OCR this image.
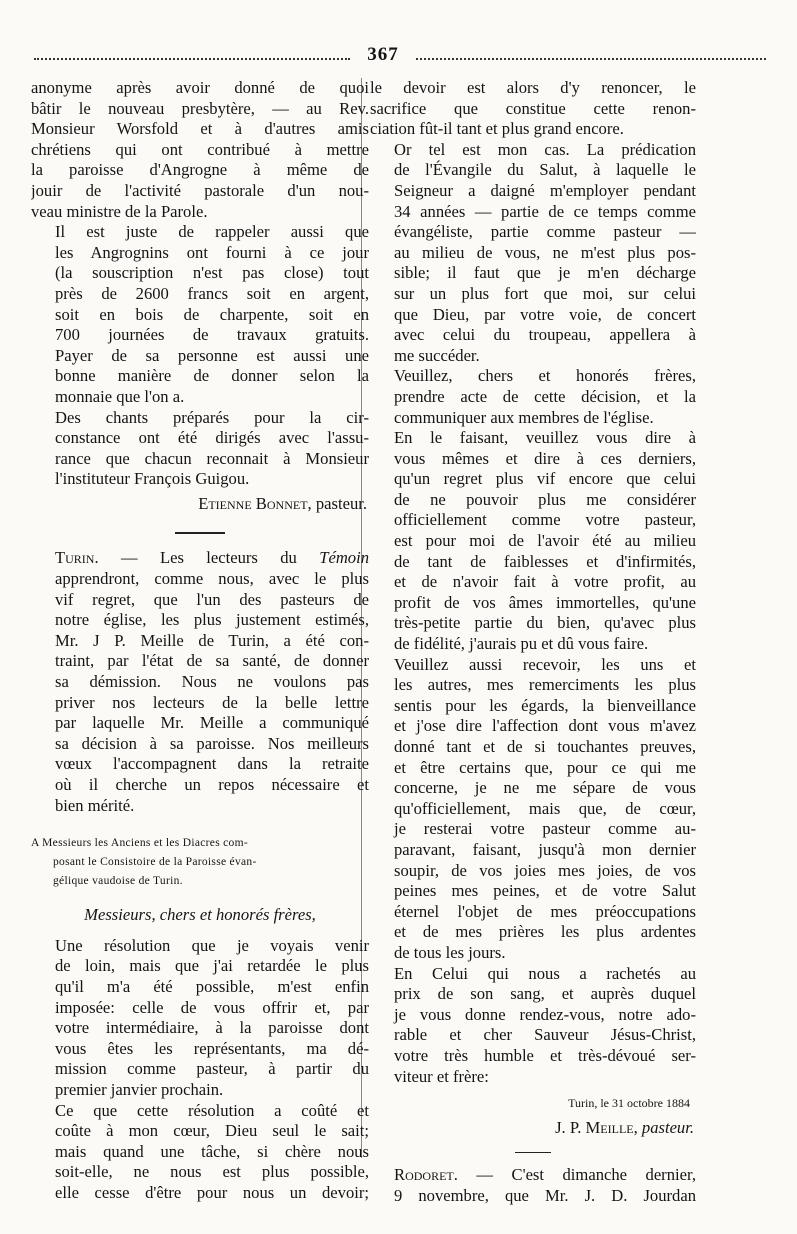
367

anonyme après avoir donné de quoi
bâtir le nouveau presbytère, — au Rev.
Monsieur Worsfold et à d'autres amis
chrétiens qui ont contribué à mettre
la paroisse d'Angrogne à même de
jouir de l'activité pastorale d'un nou-
veau ministre de la Parole.

Il est juste de rappeler aussi que
les Angrognins ont fourni à ce jour
(la souscription n'est pas close) tout
près de 2600 francs soit en argent,
soit en bois de charpente, soit en
700 journées de travaux gratuits.
Payer de sa personne est aussi une
bonne manière de donner selon la
monnaie que l'on a.

Des chants préparés pour la cir-
constance ont été dirigés avec l'assu-
rance que chacun reconnait à Monsieur
l'instituteur François Guigou.

Etienne Bonnet, pasteur.

Turin. — Les lecteurs du Témoin
apprendront, comme nous, avec le plus
vif regret, que l'un des pasteurs de
notre église, les plus justement estimés,
Mr. J P. Meille de Turin, a été con-
traint, par l'état de sa santé, de donner
sa démission. Nous ne voulons pas
priver nos lecteurs de la belle lettre
par laquelle Mr. Meille a communiqué
sa décision à sa paroisse. Nos meilleurs
vœux l'accompagnent dans la retraite
où il cherche un repos nécessaire et
bien mérité.

A Messieurs les Anciens et les Diacres com-
posant le Consistoire de la Paroisse évan-
gélique vaudoise de Turin.
Messieurs, chers et honorés frères,

Une résolution que je voyais venir
de loin, mais que j'ai retardée le plus
qu'il m'a été possible, m'est enfin
imposée: celle de vous offrir et, par
votre intermédiaire, à la paroisse dont
vous êtes les représentants, ma dé-
mission comme pasteur, à partir du
premier janvier prochain.

Ce que cette résolution a coûté et
coûte à mon cœur, Dieu seul le sait;
mais quand une tâche, si chère nous
soit-elle, ne nous est plus possible,
elle cesse d'être pour nous un devoir;

le devoir est alors d'y renoncer, le
sacrifice que constitue cette renon-
ciation fût-il tant et plus grand encore.

Or tel est mon cas. La prédication
de l'Évangile du Salut, à laquelle le
Seigneur a daigné m'employer pendant
34 années — partie de ce temps comme
évangéliste, partie comme pasteur —
au milieu de vous, ne m'est plus pos-
sible; il faut que je m'en décharge
sur un plus fort que moi, sur celui
que Dieu, par votre voie, de concert
avec celui du troupeau, appellera à
me succéder.

Veuillez, chers et honorés frères,
prendre acte de cette décision, et la
communiquer aux membres de l'église.

En le faisant, veuillez vous dire à
vous mêmes et dire à ces derniers,
qu'un regret plus vif encore que celui
de ne pouvoir plus me considérer
officiellement comme votre pasteur,
est pour moi de l'avoir été au milieu
de tant de faiblesses et d'infirmités,
et de n'avoir fait à votre profit, au
profit de vos âmes immortelles, qu'une
très-petite partie du bien, qu'avec plus
de fidélité, j'aurais pu et dû vous faire.

Veuillez aussi recevoir, les uns et
les autres, mes remerciments les plus
sentis pour les égards, la bienveillance
et j'ose dire l'affection dont vous m'avez
donné tant et de si touchantes preuves,
et être certains que, pour ce qui me
concerne, je ne me sépare de vous
qu'officiellement, mais que, de cœur,
je resterai votre pasteur comme au-
paravant, faisant, jusqu'à mon dernier
soupir, de vos joies mes joies, de vos
peines mes peines, et de votre Salut
éternel l'objet de mes préoccupations
et de mes prières les plus ardentes
de tous les jours.

En Celui qui nous a rachetés au
prix de son sang, et auprès duquel
je vous donne rendez-vous, notre ado-
rable et cher Sauveur Jésus-Christ,
votre très humble et très-dévoué ser-
viteur et frère:

Turin, le 31 octobre 1884
J. P. Meille, pasteur.

Rodoret. — C'est dimanche dernier,
9 novembre, que Mr. J. D. Jourdan
